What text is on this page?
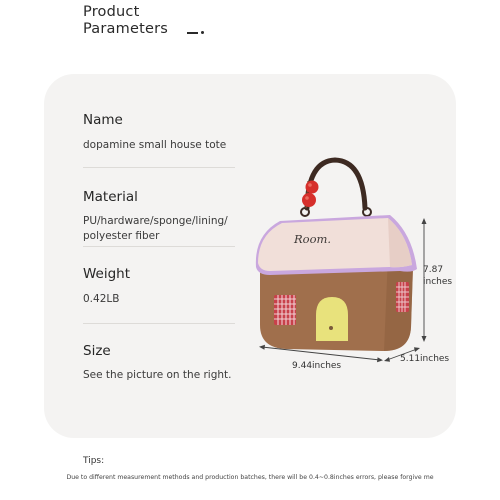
Product
Parameters
Name
dopamine small house tote
Material
PU/hardware/sponge/lining/
polyester fiber
Weight
0.42LB
Size
See the picture on the right.
Room.
7.87
inches
9.44inches
5.11inches
Tips:
Due to different measurement methods and production batches, there will be 0.4~0.8inches errors, please forgive me
